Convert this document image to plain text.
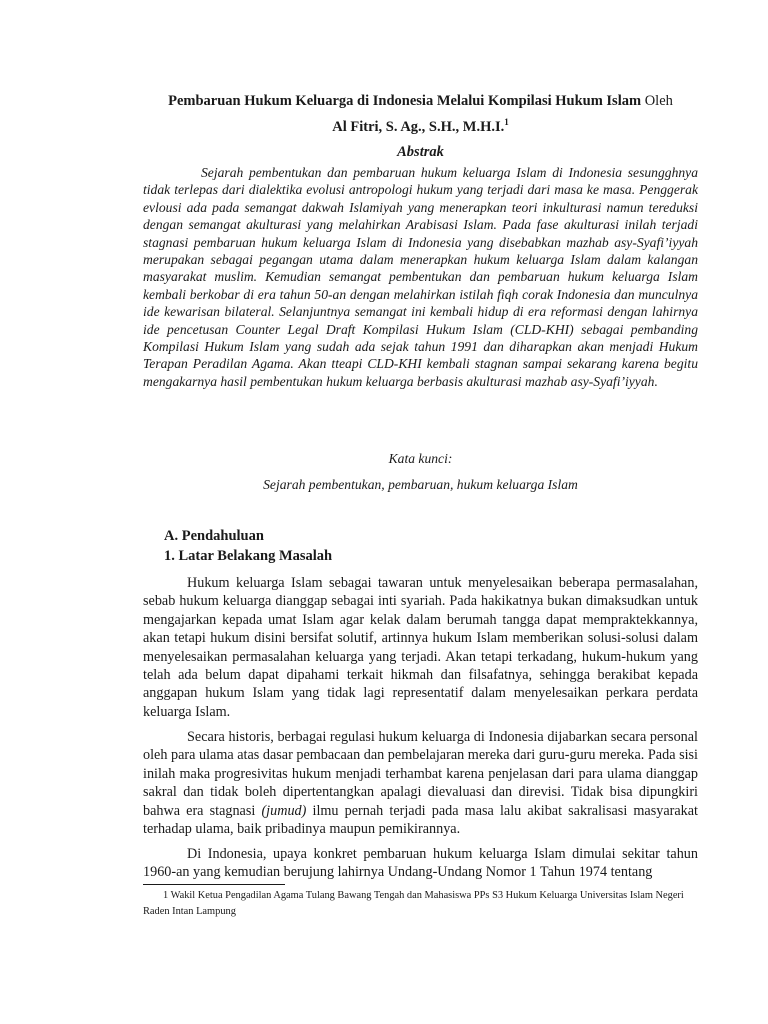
Pembaruan Hukum Keluarga di Indonesia Melalui Kompilasi Hukum Islam Oleh
Al Fitri, S. Ag., S.H., M.H.I.$^1$
Abstrak

Sejarah pembentukan dan pembaruan hukum keluarga Islam di Indonesia sesungghnya tidak terlepas dari dialektika evolusi antropologi hukum yang terjadi dari masa ke masa. Penggerak evlousi ada pada semangat dakwah Islamiyah yang menerapkan teori inkulturasi namun tereduksi dengan semangat akulturasi yang melahirkan Arabisasi Islam. Pada fase akulturasi inilah terjadi stagnasi pembaruan hukum keluarga Islam di Indonesia yang disebabkan mazhab asy-Syafi’iyyah merupakan sebagai pegangan utama dalam menerapkan hukum keluarga Islam dalam kalangan masyarakat muslim. Kemudian semangat pembentukan dan pembaruan hukum keluarga Islam kembali berkobar di era tahun 50-an dengan melahirkan istilah fiqh corak Indonesia dan munculnya ide kewarisan bilateral. Selanjuntnya semangat ini kembali hidup di era reformasi dengan lahirnya ide pencetusan Counter Legal Draft Kompilasi Hukum Islam (CLD-KHI) sebagai pembanding Kompilasi Hukum Islam yang sudah ada sejak tahun 1991 dan diharapkan akan menjadi Hukum Terapan Peradilan Agama. Akan tteapi CLD-KHI kembali stagnan sampai sekarang karena begitu mengakarnya hasil pembentukan hukum keluarga berbasis akulturasi mazhab asy-Syafi’iyyah.

Kata kunci:
Sejarah pembentukan, pembaruan, hukum keluarga Islam
A. Pendahuluan
1. Latar Belakang Masalah

Hukum keluarga Islam sebagai tawaran untuk menyelesaikan beberapa permasalahan, sebab hukum keluarga dianggap sebagai inti syariah. Pada hakikatnya bukan dimaksudkan untuk mengajarkan kepada umat Islam agar kelak dalam berumah tangga dapat mempraktekkannya, akan tetapi hukum disini bersifat solutif, artinnya hukum Islam memberikan solusi-solusi dalam menyelesaikan permasalahan keluarga yang terjadi. Akan tetapi terkadang, hukum-hukum yang telah ada belum dapat dipahami terkait hikmah dan filsafatnya, sehingga berakibat kepada anggapan hukum Islam yang tidak lagi representatif dalam menyelesaikan perkara perdata keluarga Islam.

Secara historis, berbagai regulasi hukum keluarga di Indonesia dijabarkan secara personal oleh para ulama atas dasar pembacaan dan pembelajaran mereka dari guru-guru mereka. Pada sisi inilah maka progresivitas hukum menjadi terhambat karena penjelasan dari para ulama dianggap sakral dan tidak boleh dipertentangkan apalagi dievaluasi dan direvisi. Tidak bisa dipungkiri bahwa era stagnasi (jumud) ilmu pernah terjadi pada masa lalu akibat sakralisasi masyarakat terhadap ulama, baik pribadinya maupun pemikirannya.

Di Indonesia, upaya konkret pembaruan hukum keluarga Islam dimulai sekitar tahun 1960-an yang kemudian berujung lahirnya Undang-Undang Nomor 1 Tahun 1974 tentang

1 Wakil Ketua Pengadilan Agama Tulang Bawang Tengah dan Mahasiswa PPs S3 Hukum Keluarga Universitas Islam Negeri Raden Intan Lampung
